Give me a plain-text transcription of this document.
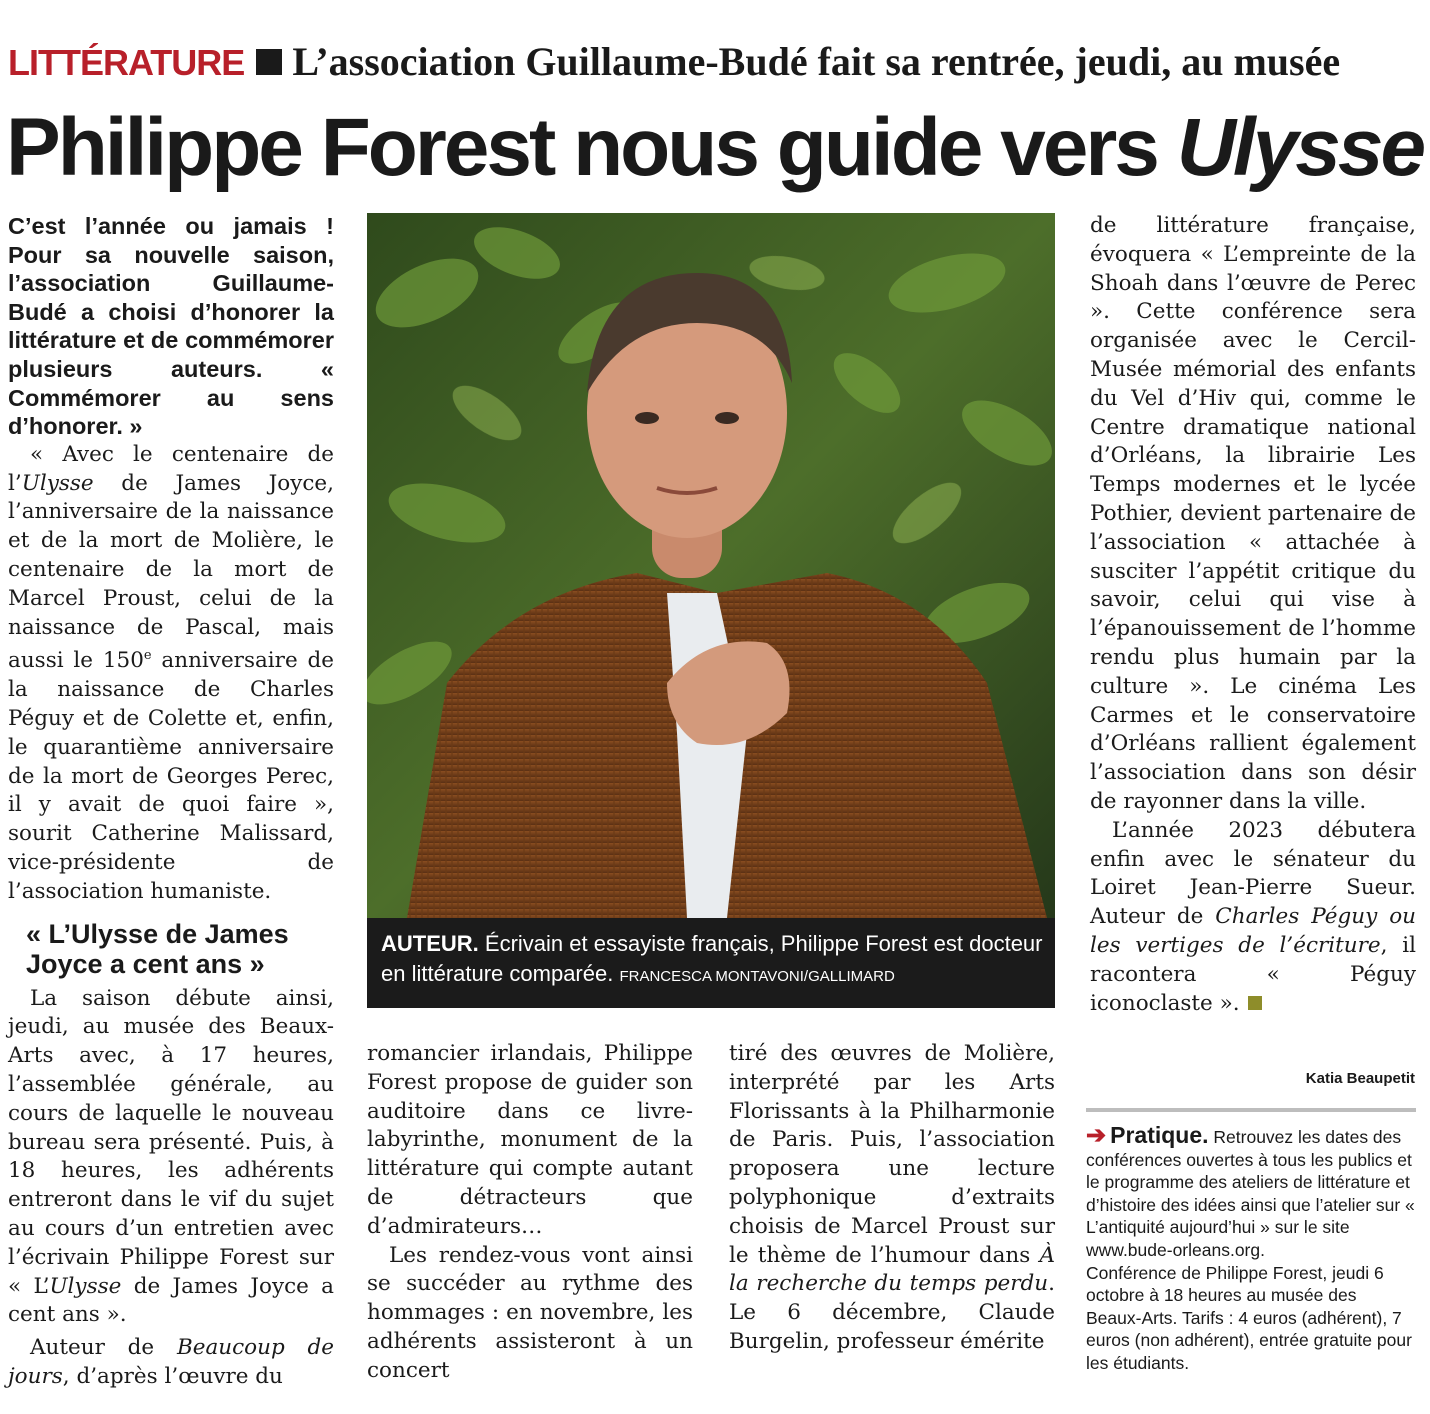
LITTÉRATURE L’association Guillaume-Budé fait sa rentrée, jeudi, au musée
Philippe Forest nous guide vers Ulysse

C’est l’année ou jamais ! Pour sa nouvelle saison, l’association Guillaume-Budé a choisi d’honorer la littérature et de commémorer plusieurs auteurs. « Commémorer au sens d’honorer. »

« Avec le centenaire de l’Ulysse de James Joyce, l’anniversaire de la naissance et de la mort de Molière, le centenaire de la mort de Marcel Proust, celui de la naissance de Pascal, mais aussi le 150e anniversaire de la naissance de Charles Péguy et de Colette et, enfin, le quarantième anniversaire de la mort de Georges Perec, il y avait de quoi faire », sourit Catherine Malissard, vice-présidente de l’association humaniste.

« L’Ulysse de James Joyce a cent ans »

La saison débute ainsi, jeudi, au musée des Beaux-Arts avec, à 17 heures, l’assemblée générale, au cours de laquelle le nouveau bureau sera présenté. Puis, à 18 heures, les adhérents entreront dans le vif du sujet au cours d’un entretien avec l’écrivain Philippe Forest sur « L’Ulysse de James Joyce a cent ans ».

Auteur de Beaucoup de jours, d’après l’œuvre du

AUTEUR. Écrivain et essayiste français, Philippe Forest est docteur en littérature comparée. FRANCESCA MONTAVONI/GALLIMARD

romancier irlandais, Philippe Forest propose de guider son auditoire dans ce livre-labyrinthe, monument de la littérature qui compte autant de détracteurs que d’admirateurs…

Les rendez-vous vont ainsi se succéder au rythme des hommages : en novembre, les adhérents assisteront à un concert

tiré des œuvres de Molière, interprété par les Arts Florissants à la Philharmonie de Paris. Puis, l’association proposera une lecture polyphonique d’extraits choisis de Marcel Proust sur le thème de l’humour dans À la recherche du temps perdu. Le 6 décembre, Claude Burgelin, professeur émérite

de littérature française, évoquera « L’empreinte de la Shoah dans l’œuvre de Perec ». Cette conférence sera organisée avec le Cercil-Musée mémorial des enfants du Vel d’Hiv qui, comme le Centre dramatique national d’Orléans, la librairie Les Temps modernes et le lycée Pothier, devient partenaire de l’association « attachée à susciter l’appétit critique du savoir, celui qui vise à l’épanouissement de l’homme rendu plus humain par la culture ». Le cinéma Les Carmes et le conservatoire d’Orléans rallient également l’association dans son désir de rayonner dans la ville.

L’année 2023 débutera enfin avec le sénateur du Loiret Jean-Pierre Sueur. Auteur de Charles Péguy ou les vertiges de l’écriture, il racontera « Péguy iconoclaste ».

Katia Beaupetit

➔ Pratique. Retrouvez les dates des conférences ouvertes à tous les publics et le programme des ateliers de littérature et d’histoire des idées ainsi que l’atelier sur « L’antiquité aujourd’hui » sur le site www.bude-orleans.org.

Conférence de Philippe Forest, jeudi 6 octobre à 18 heures au musée des Beaux-Arts. Tarifs : 4 euros (adhérent), 7 euros (non adhérent), entrée gratuite pour les étudiants.
